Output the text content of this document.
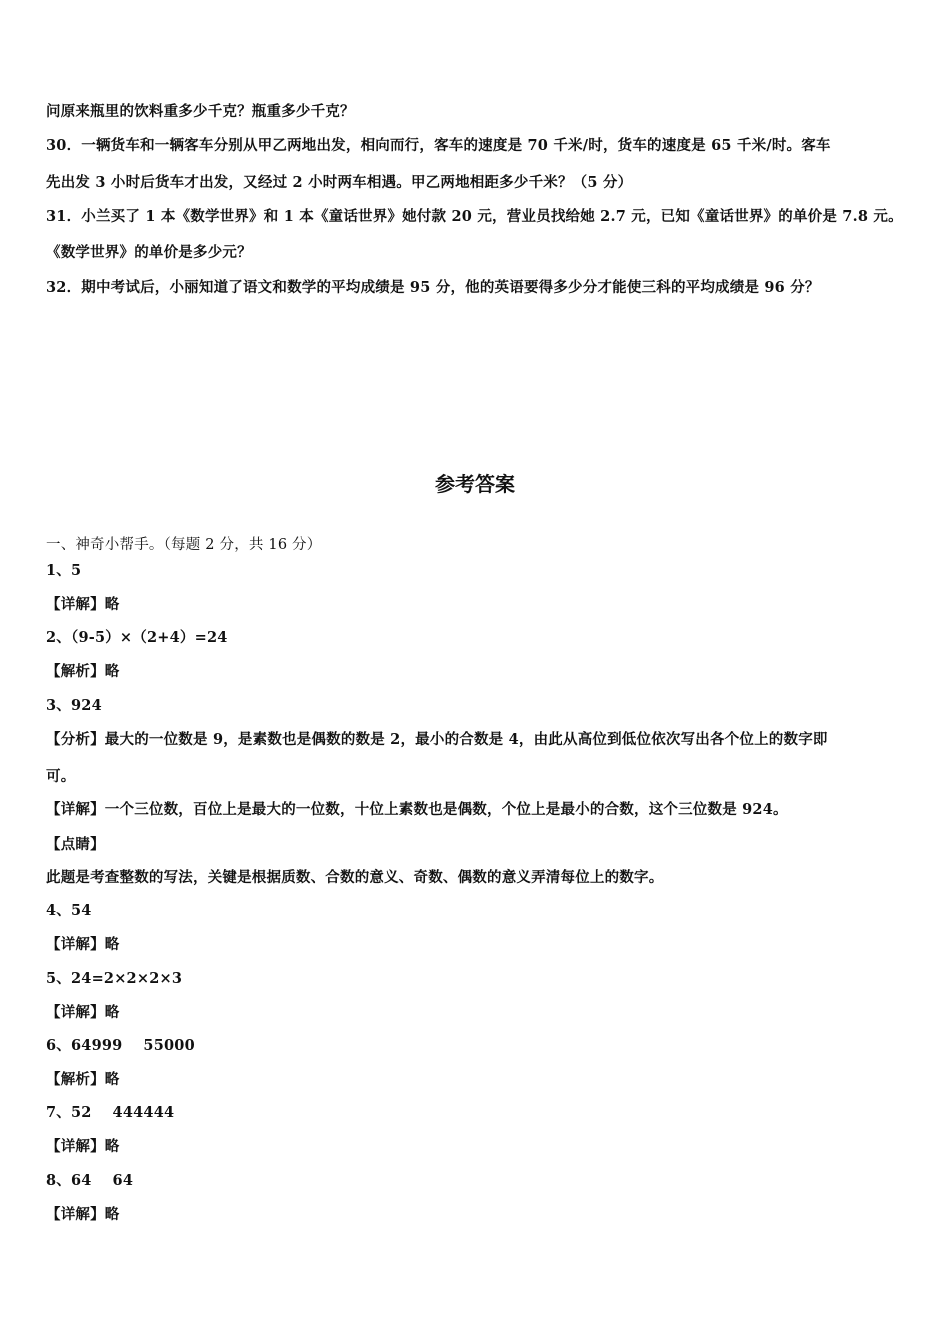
问原来瓶里的饮料重多少千克？瓶重多少千克？
30．一辆货车和一辆客车分别从甲乙两地出发，相向而行，客车的速度是 70 千米/时，货车的速度是 65 千米/时。客车
先出发 3 小时后货车才出发，又经过 2 小时两车相遇。甲乙两地相距多少千米？（5 分）
31．小兰买了 1 本《数学世界》和 1 本《童话世界》她付款 20 元，营业员找给她 2.7 元，已知《童话世界》的单价是 7.8 元。
《数学世界》的单价是多少元？
32．期中考试后，小丽知道了语文和数学的平均成绩是 95 分，他的英语要得多少分才能使三科的平均成绩是 96 分？
参考答案
一、神奇小帮手。（每题 2 分，共 16 分）
1、5
【详解】略
2、（9-5）×（2+4）=24
【解析】略
3、924
【分析】最大的一位数是 9，是素数也是偶数的数是 2，最小的合数是 4，由此从高位到低位依次写出各个位上的数字即
可。
【详解】一个三位数，百位上是最大的一位数，十位上素数也是偶数，个位上是最小的合数，这个三位数是 924。
【点睛】
此题是考查整数的写法，关键是根据质数、合数的意义、奇数、偶数的意义弄清每位上的数字。
4、54
【详解】略
5、24=2×2×2×3
【详解】略
6、64999    55000
【解析】略
7、52    444444
【详解】略
8、64    64
【详解】略
